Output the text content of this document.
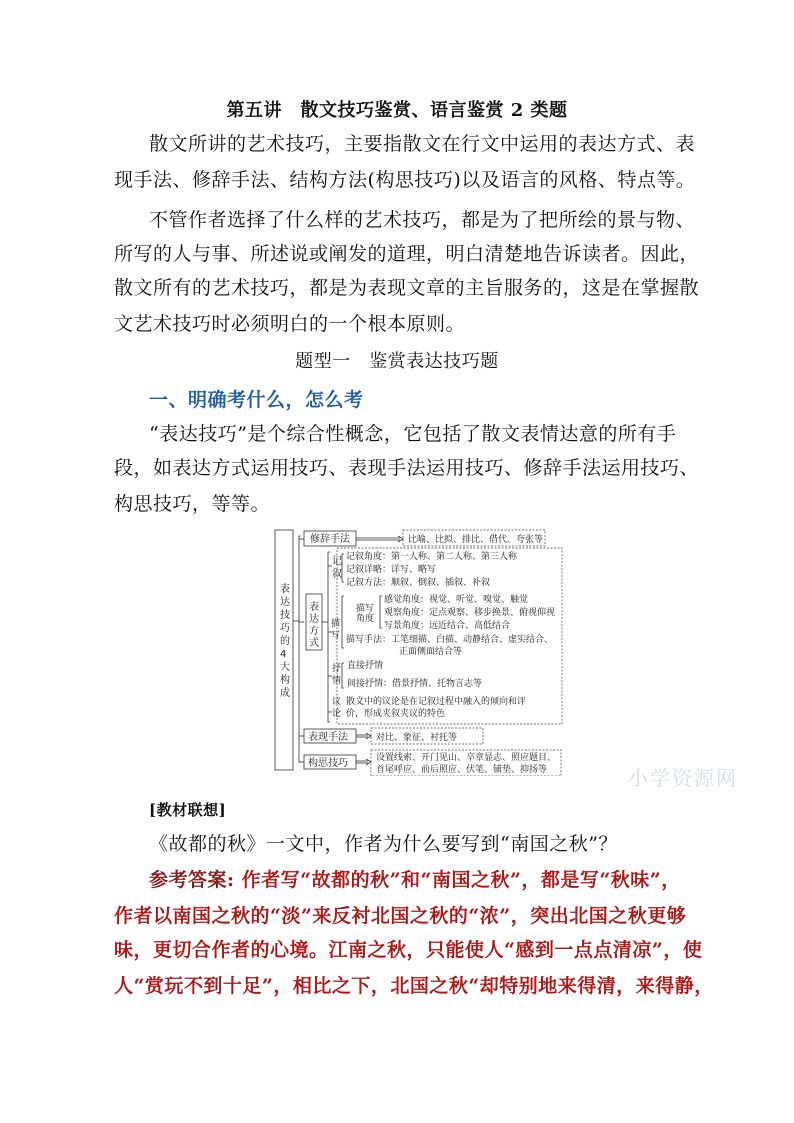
第五讲　散文技巧鉴赏、语言鉴赏 2 类题
散文所讲的艺术技巧，主要指散文在行文中运用的表达方式、表
现手法、修辞手法、结构方法(构思技巧)以及语言的风格、特点等。
不管作者选择了什么样的艺术技巧，都是为了把所绘的景与物、
所写的人与事、所述说或阐发的道理，明白清楚地告诉读者。因此，
散文所有的艺术技巧，都是为表现文章的主旨服务的，这是在掌握散
文艺术技巧时必须明白的一个根本原则。
题型一　鉴赏表达技巧题
一、明确考什么，怎么考
“表达技巧”是个综合性概念，它包括了散文表情达意的所有手
段，如表达方式运用技巧、表现手法运用技巧、修辞手法运用技巧、
构思技巧，等等。
表 达 技 巧 的 4 大 构 成
修辞手法	比喻、比拟、排比、借代、夸张等
表 达 方 式
记 叙
记叙角度：第一人称、第二人称、第三人称
记叙详略：详写、略写
记叙方法：顺叙、倒叙、插叙、补叙
描 写
描写 角度
感觉角度：视觉、听觉、嗅觉、触觉
观察角度：定点观察、移步换景、俯视仰视
写景角度：远近结合、高低结合
描写手法：工笔细描、白描、动静结合、虚实结合、
正面侧面结合等
抒 情
直接抒情
间接抒情：借景抒情、托物言志等
议 论
散文中的议论是在记叙过程中融入的倾向和评
价，形成夹叙夹议的特色
表现手法	对比、象征、衬托等
构思技巧	设置线索、开门见山、卒章显志、照应题目、
首尾呼应、前后照应、伏笔、铺垫、抑扬等	小学资源网
[教材联想]
《故都的秋》一文中，作者为什么要写到“南国之秋”？
参考答案: 作者写“故都的秋”和“南国之秋”，都是写“秋味”，
作者以南国之秋的“淡”来反衬北国之秋的“浓”，突出北国之秋更够
味，更切合作者的心境。江南之秋，只能使人“感到一点点清凉”，使
人“赏玩不到十足”，相比之下，北国之秋“却特别地来得清，来得静，
